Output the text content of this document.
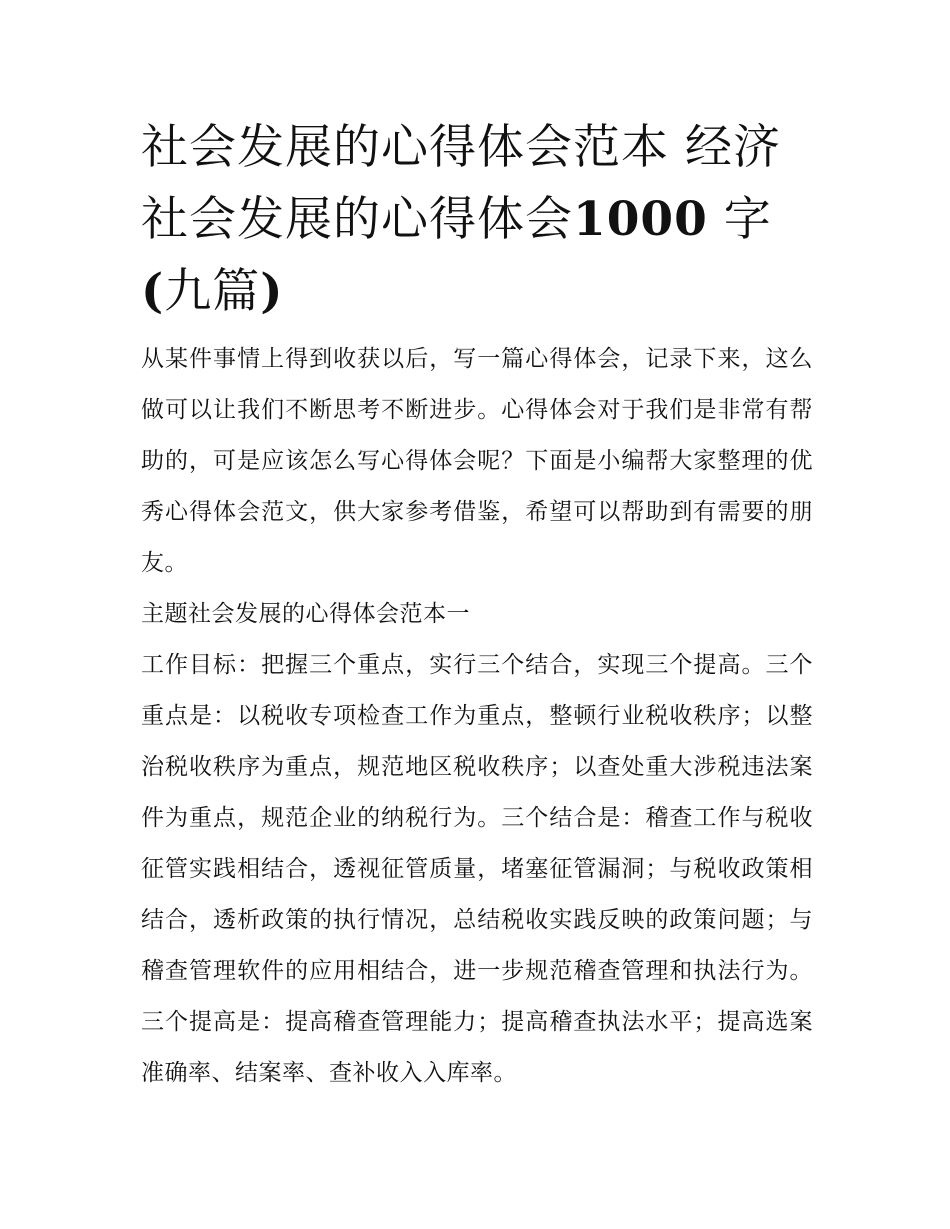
社会发展的心得体会范本 经济
社会发展的心得体会1000 字
(九篇)

从某件事情上得到收获以后，写一篇心得体会，记录下来，这么做可以让我们不断思考不断进步。心得体会对于我们是非常有帮助的，可是应该怎么写心得体会呢？下面是小编帮大家整理的优秀心得体会范文，供大家参考借鉴，希望可以帮助到有需要的朋友。

主题社会发展的心得体会范本一

工作目标：把握三个重点，实行三个结合，实现三个提高。三个重点是：以税收专项检查工作为重点，整顿行业税收秩序；以整治税收秩序为重点，规范地区税收秩序；以查处重大涉税违法案件为重点，规范企业的纳税行为。三个结合是：稽查工作与税收征管实践相结合，透视征管质量，堵塞征管漏洞；与税收政策相结合，透析政策的执行情况，总结税收实践反映的政策问题；与稽查管理软件的应用相结合，进一步规范稽查管理和执法行为。三个提高是：提高稽查管理能力；提高稽查执法水平；提高选案准确率、结案率、查补收入入库率。
